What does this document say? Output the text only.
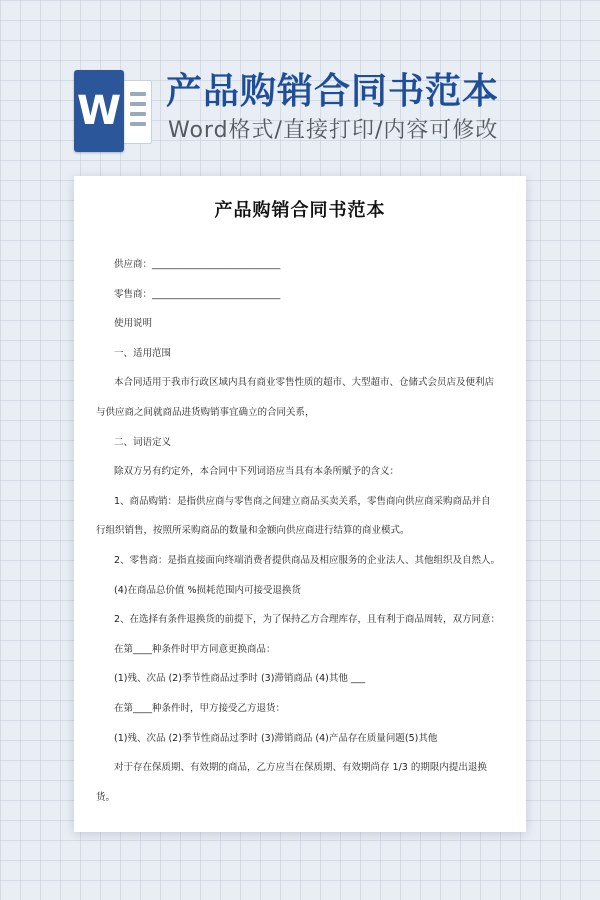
W 产品购销合同书范本
Word格式/直接打印/内容可修改
产品购销合同书范本

供应商：___________________________

零售商：___________________________

使用说明

一、适用范围

本合同适用于我市行政区域内具有商业零售性质的超市、大型超市、仓储式会员店及便利店

与供应商之间就商品进货购销事宜确立的合同关系，

二、词语定义

除双方另有约定外，本合同中下列词语应当具有本条所赋予的含义：

1、商品购销：是指供应商与零售商之间建立商品买卖关系，零售商向供应商采购商品并自

行组织销售，按照所采购商品的数量和金额向供应商进行结算的商业模式。

2、零售商：是指直接面向终端消费者提供商品及相应服务的企业法人、其他组织及自然人。

(4)在商品总价值 %损耗范围内可接受退换货

2、在选择有条件退换货的前提下，为了保持乙方合理库存，且有利于商品周转，双方同意：

在第____种条件时甲方同意更换商品：

(1)残、次品 (2)季节性商品过季时 (3)滞销商品 (4)其他 ___

在第____种条件时，甲方接受乙方退货：

(1)残、次品 (2)季节性商品过季时 (3)滞销商品 (4)产品存在质量问题(5)其他

对于存在保质期、有效期的商品，乙方应当在保质期、有效期尚存 1/3 的期限内提出退换

货。
